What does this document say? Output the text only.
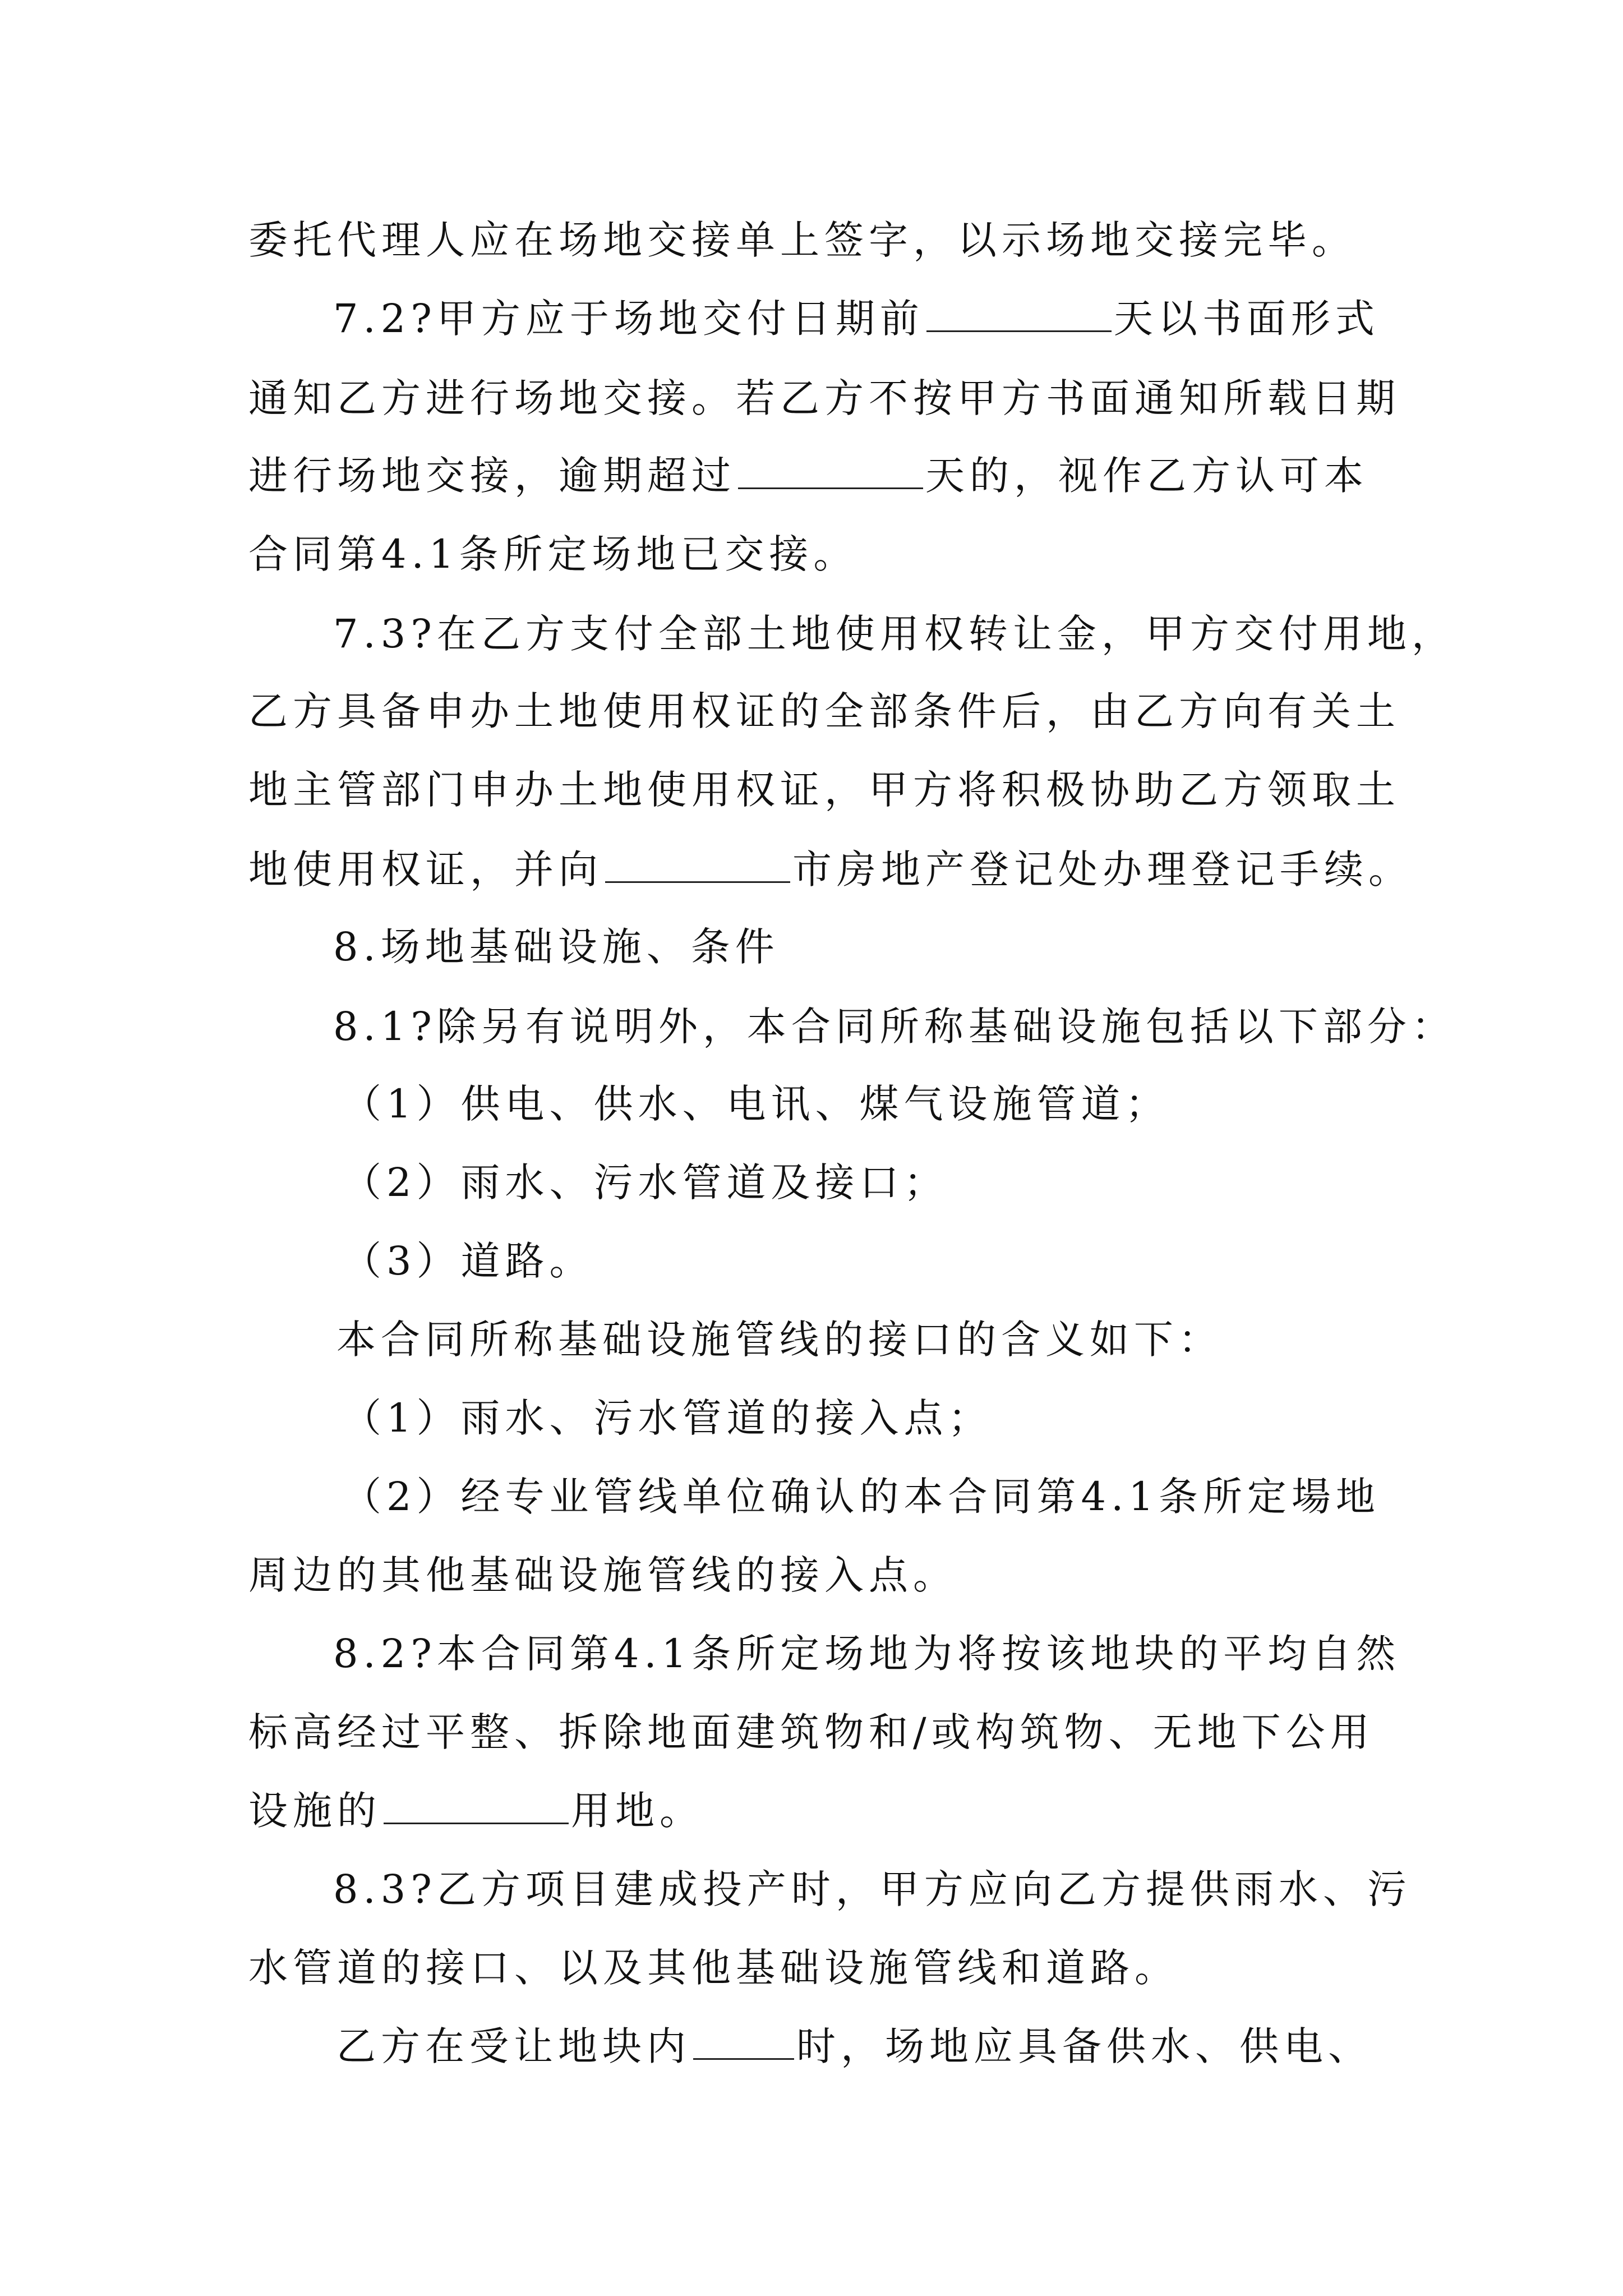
委托代理人应在场地交接单上签字，以示场地交接完毕。
7.2?甲方应于场地交付日期前	天以书面形式
通知乙方进行场地交接。若乙方不按甲方书面通知所载日期
进行场地交接，逾期超过	天的，视作乙方认可本
合同第4.1条所定场地已交接。
7.3?在乙方支付全部土地使用权转让金，甲方交付用地，
乙方具备申办土地使用权证的全部条件后，由乙方向有关土
地主管部门申办土地使用权证，甲方将积极协助乙方领取土
地使用权证，并向	市房地产登记处办理登记手续。
8.场地基础设施、条件
8.1?除另有说明外，本合同所称基础设施包括以下部分：
（1）供电、供水、电讯、煤气设施管道；
（2）雨水、污水管道及接口；
（3）道路。
本合同所称基础设施管线的接口的含义如下：
（1）雨水、污水管道的接入点；
（2）经专业管线单位确认的本合同第4.1条所定場地
周边的其他基础设施管线的接入点。
8.2?本合同第4.1条所定场地为将按该地块的平均自然
标高经过平整、拆除地面建筑物和/或构筑物、无地下公用
设施的	用地。
8.3?乙方项目建成投产时，甲方应向乙方提供雨水、污
水管道的接口、以及其他基础设施管线和道路。
乙方在受让地块内	时，场地应具备供水、供电、
